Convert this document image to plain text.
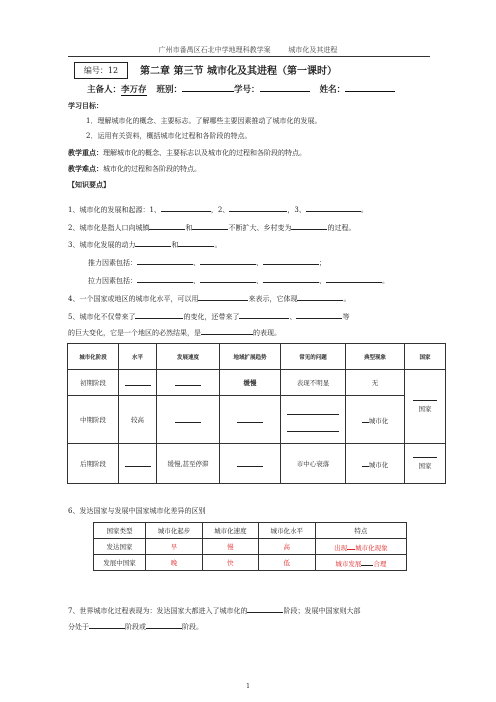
广州市番禺区石北中学地理科教学案	城市化及其进程
编号：12	第二章 第三节 城市化及其进程（第一课时）
主备人：李万存 班别：	学号：	姓名：
学习目标：
1．理解城市化的概念、主要标志。了解哪些主要因素推动了城市化的发展。
2．运用有关资料，概括城市化过程和各阶段的特点。
教学重点：理解城市化的概念、主要标志以及城市化的过程和各阶段的特点。
教学难点：城市化的过程和各阶段的特点。
【知识要点】
1、城市化的发展和起源：1、	，2、	，3、	。
2、城市化是指人口向城镇	和	不断扩大、乡村变为	的过程。
3、城市化发展的动力	和	。
推力因素包括：	、	、	；
拉力因素包括：	、	、	、	。
4、一个国家或地区的城市化水平，可以用	来表示，它体现	。
5、城市化不仅带来了	的变化，还带来了	、	等
的巨大变化，它是一个地区的必然结果，是	的表现。
城市化阶段	水平	发展速度	地域扩展趋势	常见的问题	典型现象	国家
初期阶段			缓慢	表现不明显	无	国家
中期阶段	较高				城市化	
后期阶段		缓慢,甚至停滞		市中心衰落	城市化	国家
6、发达国家与发展中国家城市化差异的区别
国家类型	城市化起步	城市化速度	城市化水平	特点
发达国家	早	慢	高	出现 城市化现象
发展中国家	晚	快	低	城市发展 合理
7、世界城市化过程表现为：发达国家大都进入了城市化的	阶段；发展中国家则大部
分处于	阶段或	阶段。
1
